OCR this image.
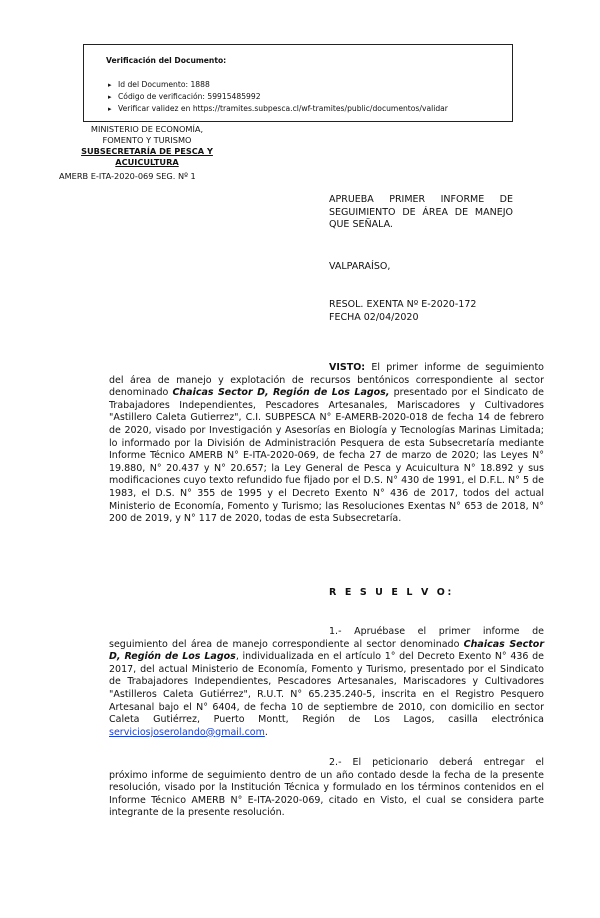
Verificación del Documento:
▸ Id del Documento: 1888
▸ Código de verificación: 59915485992
▸ Verificar validez en https://tramites.subpesca.cl/wf-tramites/public/documentos/validar
MINISTERIO DE ECONOMÍA,
FOMENTO Y TURISMO
SUBSECRETARÍA DE PESCA Y
ACUICULTURA
AMERB E-ITA-2020-069 SEG. Nº 1
APRUEBA PRIMER INFORME DE SEGUIMIENTO DE ÁREA DE MANEJO QUE SEÑALA.
VALPARAÍSO,
RESOL. EXENTA Nº E-2020-172
FECHA 02/04/2020
VISTO: El primer informe de seguimiento del área de manejo y explotación de recursos bentónicos correspondiente al sector denominado Chaicas Sector D, Región de Los Lagos, presentado por el Sindicato de Trabajadores Independientes, Pescadores Artesanales, Mariscadores y Cultivadores "Astillero Caleta Gutierrez", C.I. SUBPESCA N° E-AMERB-2020-018 de fecha 14 de febrero de 2020, visado por Investigación y Asesorías en Biología y Tecnologías Marinas Limitada; lo informado por la División de Administración Pesquera de esta Subsecretaría mediante Informe Técnico AMERB N° E-ITA-2020-069, de fecha 27 de marzo de 2020; las Leyes N° 19.880, N° 20.437 y N° 20.657; la Ley General de Pesca y Acuicultura N° 18.892 y sus modificaciones cuyo texto refundido fue fijado por el D.S. N° 430 de 1991, el D.F.L. N° 5 de 1983, el D.S. N° 355 de 1995 y el Decreto Exento N° 436 de 2017, todos del actual Ministerio de Economía, Fomento y Turismo; las Resoluciones Exentas N° 653 de 2018, N° 200 de 2019, y N° 117 de 2020, todas de esta Subsecretaría.
R E S U E L V O:
1.- Apruébase el primer informe de seguimiento del área de manejo correspondiente al sector denominado Chaicas Sector D, Región de Los Lagos, individualizada en el artículo 1° del Decreto Exento N° 436 de 2017, del actual Ministerio de Economía, Fomento y Turismo, presentado por el Sindicato de Trabajadores Independientes, Pescadores Artesanales, Mariscadores y Cultivadores "Astilleros Caleta Gutiérrez", R.U.T. N° 65.235.240-5, inscrita en el Registro Pesquero Artesanal bajo el N° 6404, de fecha 10 de septiembre de 2010, con domicilio en sector Caleta Gutiérrez, Puerto Montt, Región de Los Lagos, casilla electrónica serviciosjoserolando@gmail.com.
2.- El peticionario deberá entregar el próximo informe de seguimiento dentro de un año contado desde la fecha de la presente resolución, visado por la Institución Técnica y formulado en los términos contenidos en el Informe Técnico AMERB N° E-ITA-2020-069, citado en Visto, el cual se considera parte integrante de la presente resolución.
